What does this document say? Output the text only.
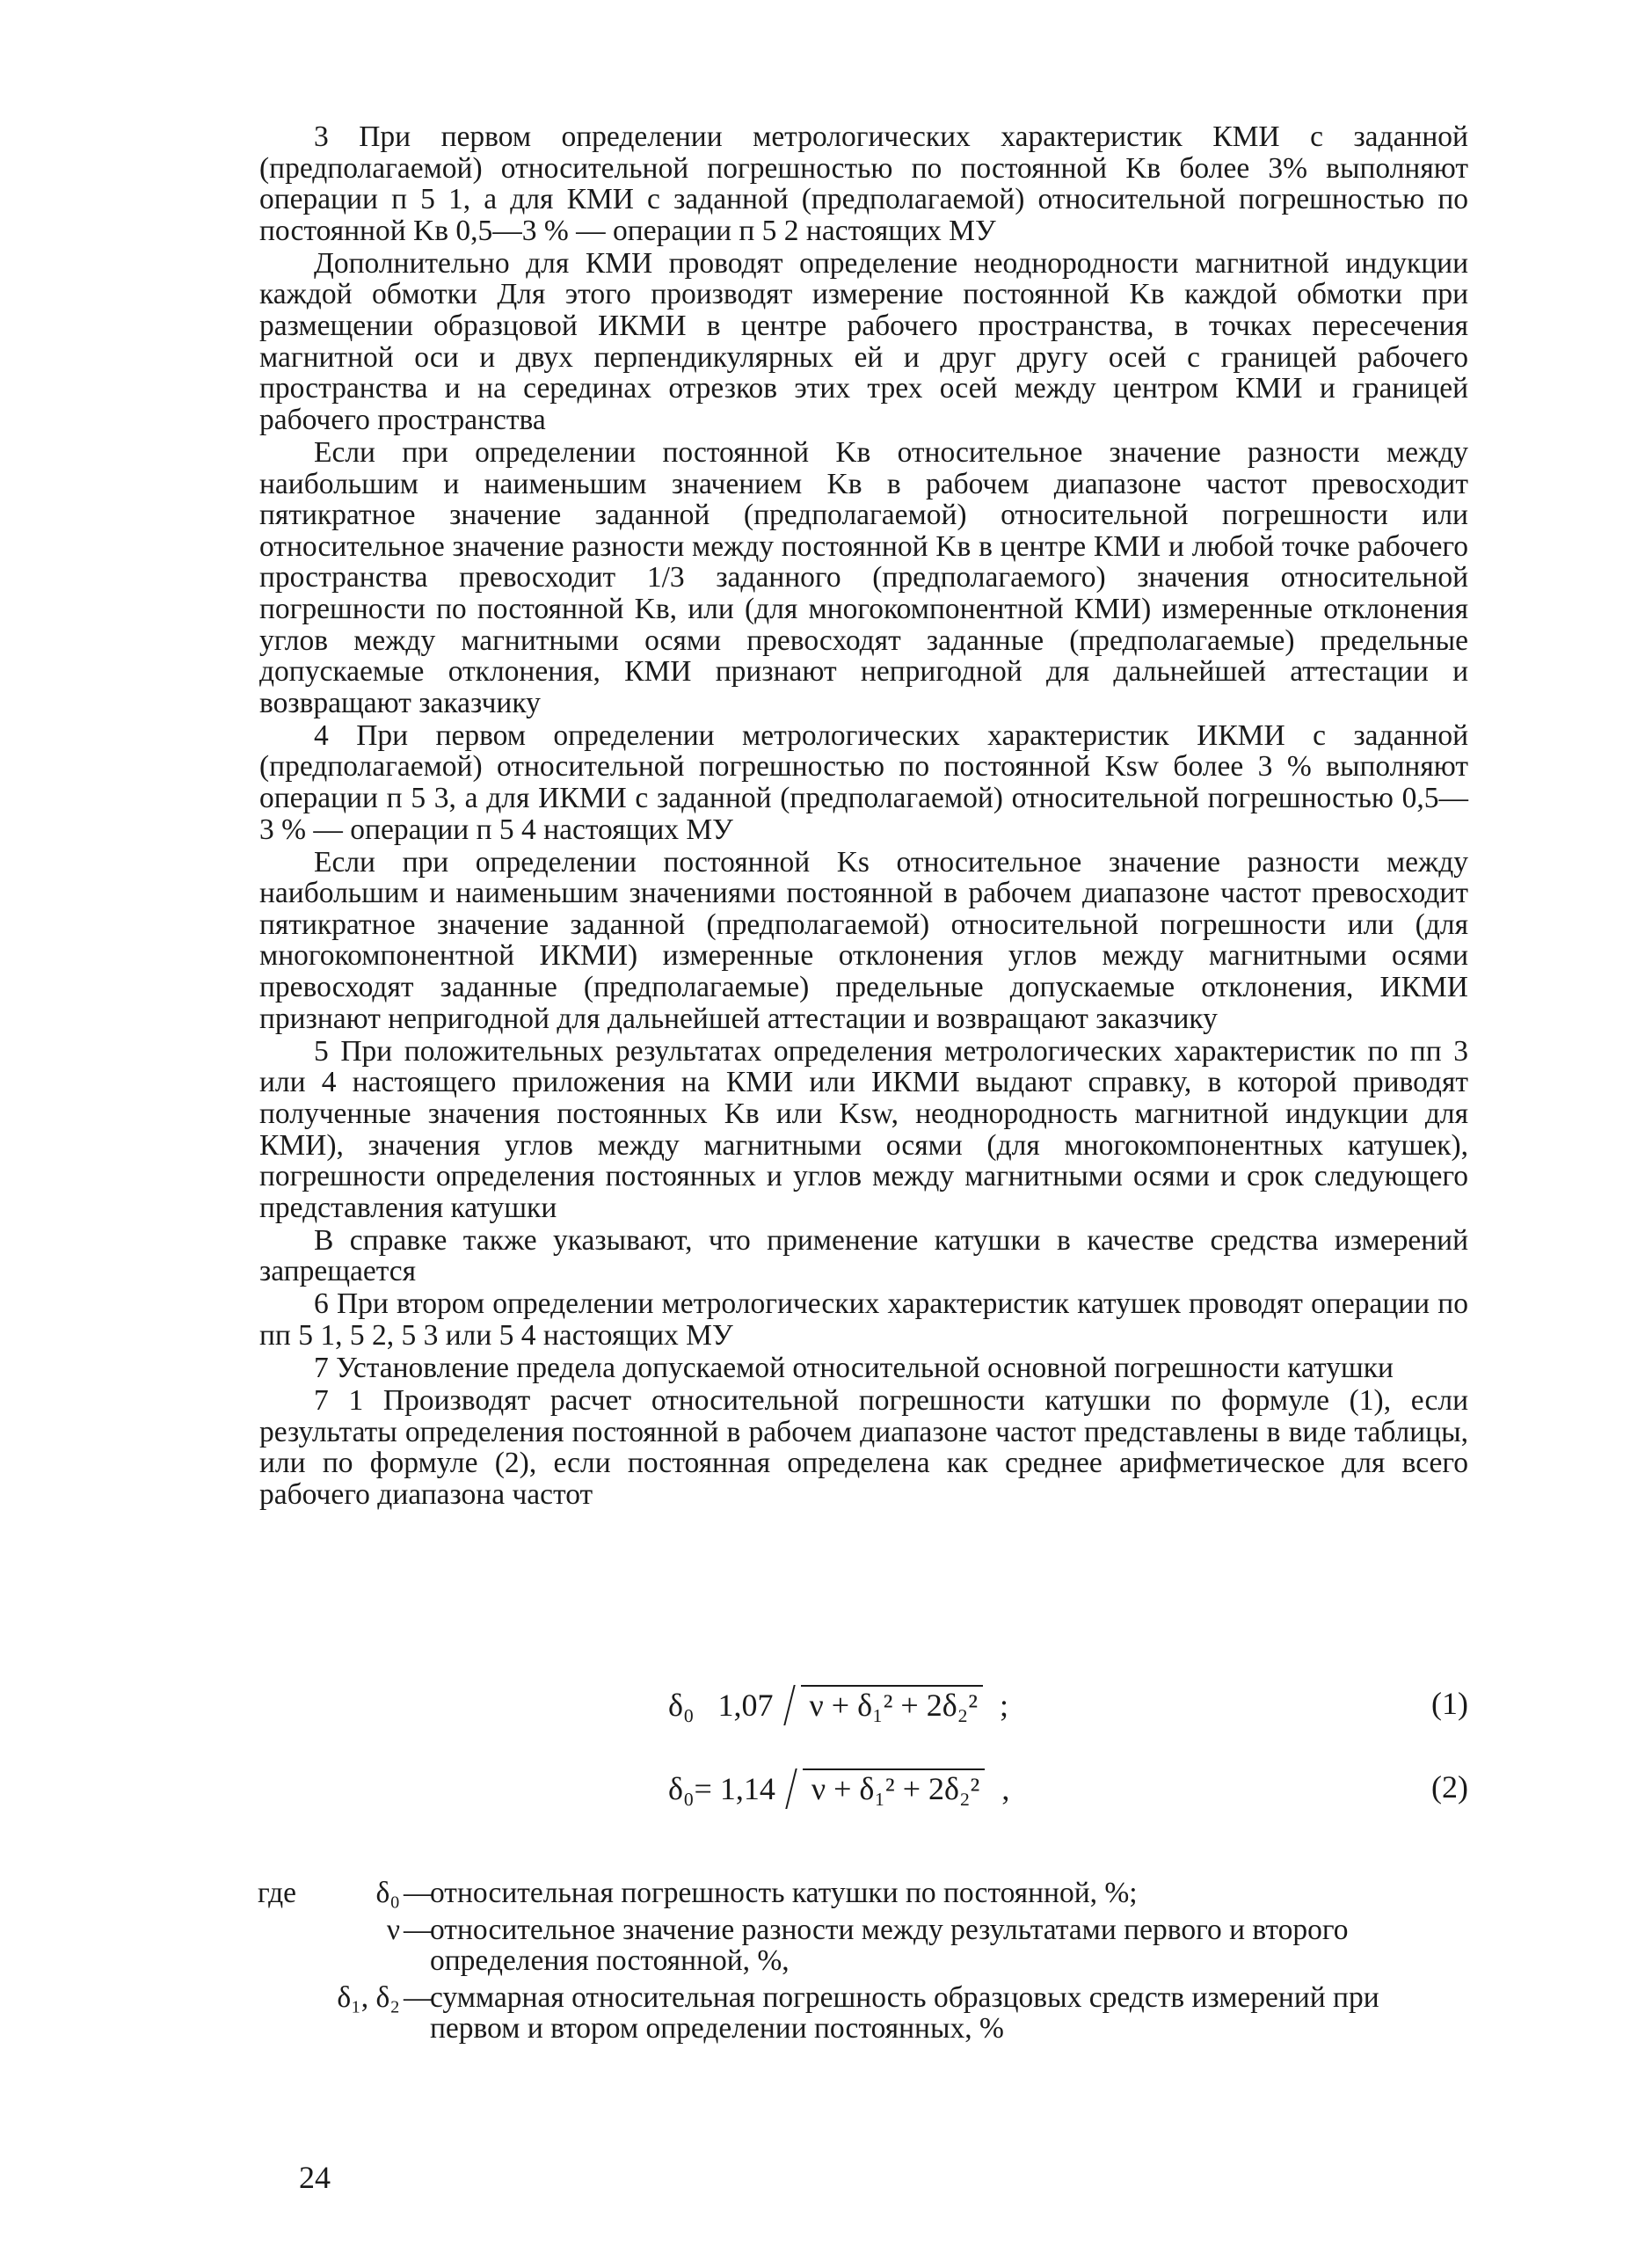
3 При первом определении метрологических характеристик КМИ с заданной (предполагаемой) относительной погрешностью по постоянной Kв более 3% выполняют операции п 5 1, а для КМИ с заданной (предполагаемой) относительной погрешностью по постоянной Kв 0,5—3 % — операции п 5 2 настоящих МУ

Дополнительно для КМИ проводят определение неоднородности магнитной индукции каждой обмотки Для этого производят измерение постоянной Kв каждой обмотки при размещении образцовой ИКМИ в центре рабочего пространства, в точках пересечения магнитной оси и двух перпендикулярных ей и друг другу осей с границей рабочего пространства и на серединах отрезков этих трех осей между центром КМИ и границей рабочего пространства

Если при определении постоянной Kв относительное значение разности между наибольшим и наименьшим значением Kв в рабочем диапазоне частот превосходит пятикратное значение заданной (предполагаемой) относительной погрешности или относительное значение разности между постоянной Kв в центре КМИ и любой точке рабочего пространства превосходит 1/3 заданного (предполагаемого) значения относительной погрешности по постоянной Kв, или (для многокомпонентной КМИ) измеренные отклонения углов между магнитными осями превосходят заданные (предполагаемые) предельные допускаемые отклонения, КМИ признают непригодной для дальнейшей аттестации и возвращают заказчику

4 При первом определении метрологических характеристик ИКМИ с заданной (предполагаемой) относительной погрешностью по постоянной Ksw более 3 % выполняют операции п 5 3, а для ИКМИ с заданной (предполагаемой) относительной погрешностью 0,5—3 % — операции п 5 4 настоящих МУ

Если при определении постоянной Ks относительное значение разности между наибольшим и наименьшим значениями постоянной в рабочем диапазоне частот превосходит пятикратное значение заданной (предполагаемой) относительной погрешности или (для многокомпонентной ИКМИ) измеренные отклонения углов между магнитными осями превосходят заданные (предполагаемые) предельные допускаемые отклонения, ИКМИ признают непригодной для дальнейшей аттестации и возвращают заказчику

5 При положительных результатах определения метрологических характеристик по пп 3 или 4 настоящего приложения на КМИ или ИКМИ выдают справку, в которой приводят полученные значения постоянных Kв или Ksw, неоднородность магнитной индукции для КМИ), значения углов между магнитными осями (для многокомпонентных катушек), погрешности определения постоянных и углов между магнитными осями и срок следующего представления катушки

В справке также указывают, что применение катушки в качестве средства измерений запрещается

6 При втором определении метрологических характеристик катушек проводят операции по пп 5 1, 5 2, 5 3 или 5 4 настоящих МУ

7 Установление предела допускаемой относительной основной погрешности катушки

7 1 Производят расчет относительной погрешности катушки по формуле (1), если результаты определения постоянной в рабочем диапазоне частот представлены в виде таблицы, или по формуле (2), если постоянная определена как среднее арифметическое для всего рабочего диапазона частот

δ₀ 1,07 ν + δ₁² + 2δ₂² ;	(1)
δ₀= 1,14 ν + δ₁² + 2δ₂² ,	(2)
где	δ₀ —
относительная погрешность катушки по постоянной, %;
ν —
относительное значение разности между результатами первого и второго определения постоянной, %,
δ₁, δ₂ —
суммарная относительная погрешность образцовых средств измерений при первом и втором определении постоянных, %
24
